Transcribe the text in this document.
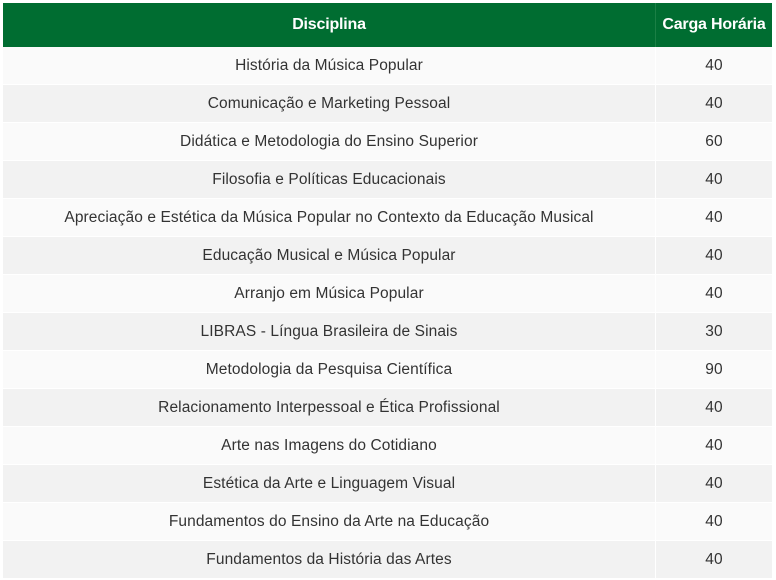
Disciplina	Carga Horária
História da Música Popular	40
Comunicação e Marketing Pessoal	40
Didática e Metodologia do Ensino Superior	60
Filosofia e Políticas Educacionais	40
Apreciação e Estética da Música Popular no Contexto da Educação Musical	40
Educação Musical e Música Popular	40
Arranjo em Música Popular	40
LIBRAS - Língua Brasileira de Sinais	30
Metodologia da Pesquisa Científica	90
Relacionamento Interpessoal e Ética Profissional	40
Arte nas Imagens do Cotidiano	40
Estética da Arte e Linguagem Visual	40
Fundamentos do Ensino da Arte na Educação	40
Fundamentos da História das Artes	40
